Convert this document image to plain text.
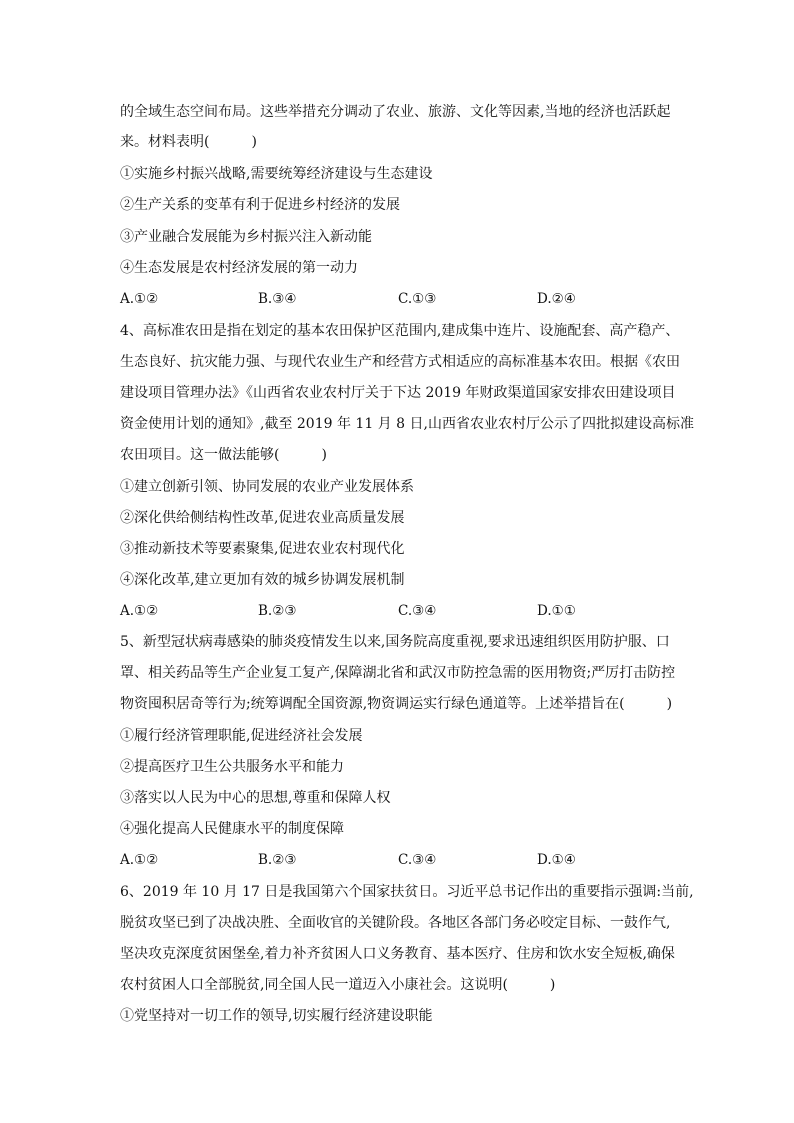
的全域生态空间布局。这些举措充分调动了农业、旅游、文化等因素,当地的经济也活跃起
来。材料表明(　　　)
①实施乡村振兴战略,需要统筹经济建设与生态建设
②生产关系的变革有利于促进乡村经济的发展
③产业融合发展能为乡村振兴注入新动能
④生态发展是农村经济发展的第一动力
A.①②	B.③④	C.①③	D.②④
4、高标准农田是指在划定的基本农田保护区范围内,建成集中连片、设施配套、高产稳产、
生态良好、抗灾能力强、与现代农业生产和经营方式相适应的高标准基本农田。根据《农田
建设项目管理办法》《山西省农业农村厅关于下达 2019 年财政渠道国家安排农田建设项目
资金使用计划的通知》,截至 2019 年 11 月 8 日,山西省农业农村厅公示了四批拟建设高标准
农田项目。这一做法能够(　　　)
①建立创新引领、协同发展的农业产业发展体系
②深化供给侧结构性改革,促进农业高质量发展
③推动新技术等要素聚集,促进农业农村现代化
④深化改革,建立更加有效的城乡协调发展机制
A.①②	B.②③	C.③④	D.①①
5、新型冠状病毒感染的肺炎疫情发生以来,国务院高度重视,要求迅速组织医用防护服、口
罩、相关药品等生产企业复工复产,保障湖北省和武汉市防控急需的医用物资;严厉打击防控
物资囤积居奇等行为;统筹调配全国资源,物资调运实行绿色通道等。上述举措旨在(　　　)
①履行经济管理职能,促进经济社会发展
②提高医疗卫生公共服务水平和能力
③落实以人民为中心的思想,尊重和保障人权
④强化提高人民健康水平的制度保障
A.①②	B.②③	C.③④	D.①④
6、2019 年 10 月 17 日是我国第六个国家扶贫日。习近平总书记作出的重要指示强调:当前,
脱贫攻坚已到了决战决胜、全面收官的关键阶段。各地区各部门务必咬定目标、一鼓作气,
坚决攻克深度贫困堡垒,着力补齐贫困人口义务教育、基本医疗、住房和饮水安全短板,确保
农村贫困人口全部脱贫,同全国人民一道迈入小康社会。这说明(　　　)
①党坚持对一切工作的领导,切实履行经济建设职能
